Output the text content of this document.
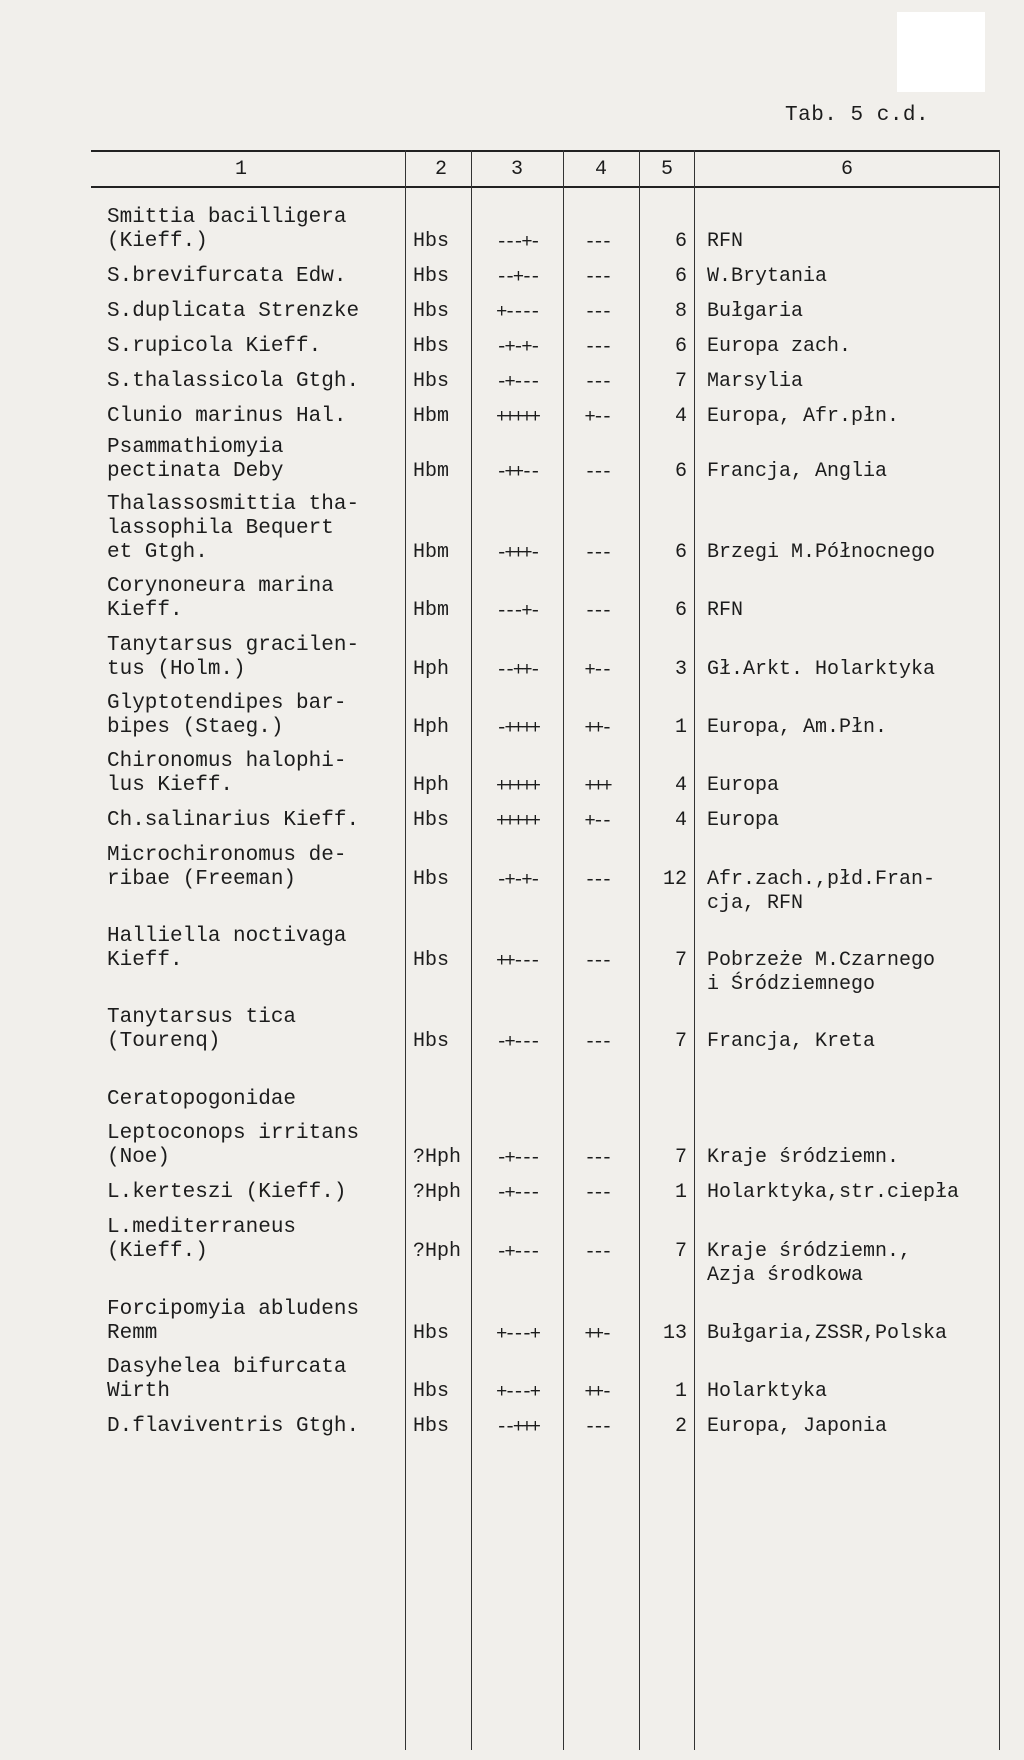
Tab. 5 c.d.
1	2	3	4	5	6
Smittia bacilligera
(Kieff.)	Hbs	---+-	---	6 RFN
S.brevifurcata Edw.	Hbs	--+--	---	6 W.Brytania
S.duplicata Strenzke	Hbs	+----	---	8 Bułgaria
S.rupicola Kieff.	Hbs	-+-+-	---	6 Europa zach.
S.thalassicola Gtgh.	Hbs	-+---	---	7 Marsylia
Clunio marinus Hal.	Hbm	+++++	+--	4 Europa, Afr.płn.
Psammathiomyia
pectinata Deby	Hbm	-++--	---	6 Francja, Anglia
Thalassosmittia tha-
lassophila Bequert
et Gtgh.	Hbm	-+++-	---	6 Brzegi M.Północnego
Corynoneura marina
Kieff.	Hbm	---+-	---	6 RFN
Tanytarsus gracilen-
tus (Holm.)	Hph	--++-	+--	3 Gł.Arkt. Holarktyka
Glyptotendipes bar-
bipes (Staeg.)	Hph	-++++	++-	1 Europa, Am.Płn.
Chironomus halophi-
lus Kieff.	Hph	+++++	+++	4 Europa
Ch.salinarius Kieff.	Hbs	+++++	+--	4 Europa
Microchironomus de-
ribae (Freeman)	Hbs	-+-+-	---	12 Afr.zach.,płd.Fran-
cja, RFN
Halliella noctivaga
Kieff.	Hbs	++---	---	7 Pobrzeże M.Czarnego
i Śródziemnego
Tanytarsus tica
(Tourenq)	Hbs	-+---	---	7 Francja, Kreta
Leptoconops irritans
(Noe)	?Hph	-+---	---	7 Kraje śródziemn.
L.kerteszi (Kieff.)	?Hph	-+---	---	1 Holarktyka,str.ciepła
L.mediterraneus
(Kieff.)	?Hph	-+---	---	7 Kraje śródziemn.,
Azja środkowa
Forcipomyia abludens
Remm	Hbs	+---+	++-	13 Bułgaria,ZSSR,Polska
Dasyhelea bifurcata
Wirth	Hbs	+---+	++-	1 Holarktyka
D.flaviventris Gtgh.	Hbs	--+++	---	2 Europa, Japonia
Ceratopogonidae
